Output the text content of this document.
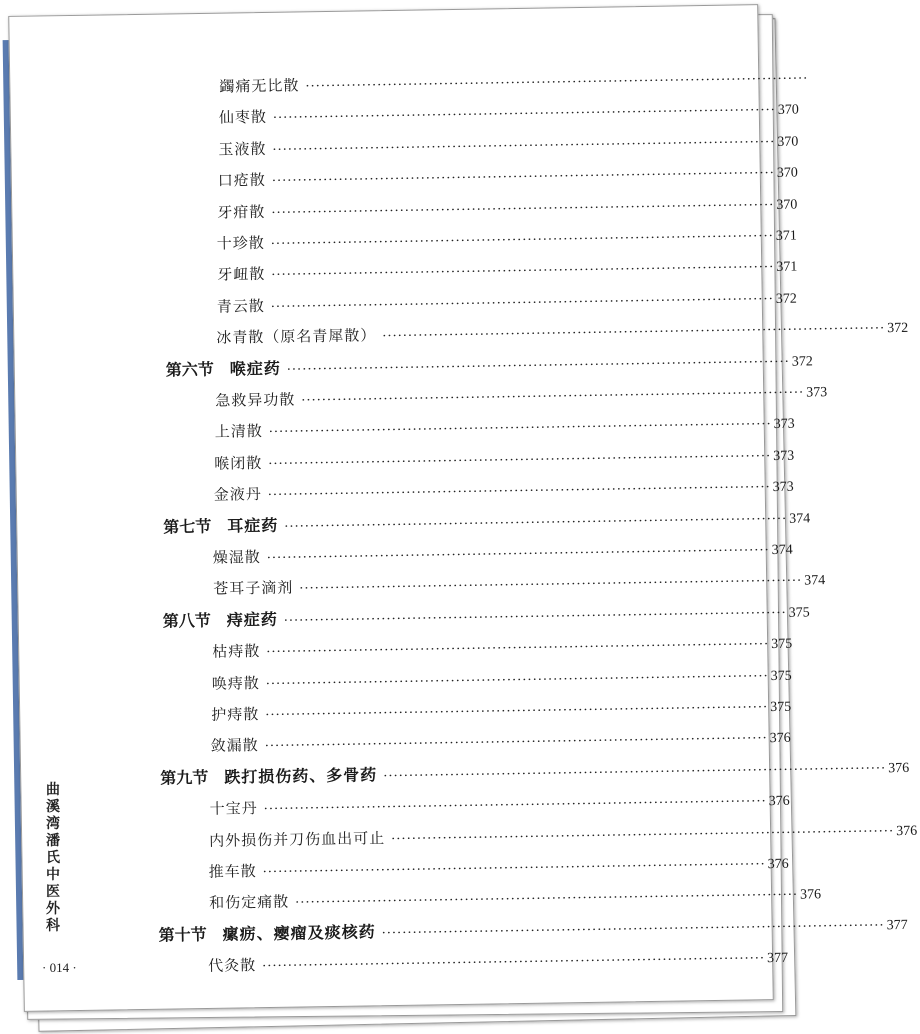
蠲痛无比散 ··································································································
仙枣散 ·································································································· 370
玉液散 ·································································································· 370
口疮散 ·································································································· 370
牙疳散 ·································································································· 370
十珍散 ·································································································· 371
牙衄散 ·································································································· 371
青云散 ·································································································· 372
冰青散（原名青犀散） ·································································································· 372
第六节 喉症药 ·································································································· 372
急救异功散 ·································································································· 373
上清散 ·································································································· 373
喉闭散 ·································································································· 373
金液丹 ·································································································· 373
第七节 耳症药 ·································································································· 374
燥湿散 ·································································································· 374
苍耳子滴剂 ·································································································· 374
第八节 痔症药 ·································································································· 375
枯痔散 ·································································································· 375
唤痔散 ·································································································· 375
护痔散 ·································································································· 375
敛漏散 ·································································································· 376
第九节 跌打损伤药、多骨药 ·································································································· 376
十宝丹 ·································································································· 376
内外损伤并刀伤血出可止 ·································································································· 376
推车散 ·································································································· 376
和伤定痛散 ·································································································· 376
第十节 瘰疬、瘿瘤及痰核药 ·································································································· 377
代灸散 ·································································································· 377
曲溪湾潘氏中医外科
· 014 ·
